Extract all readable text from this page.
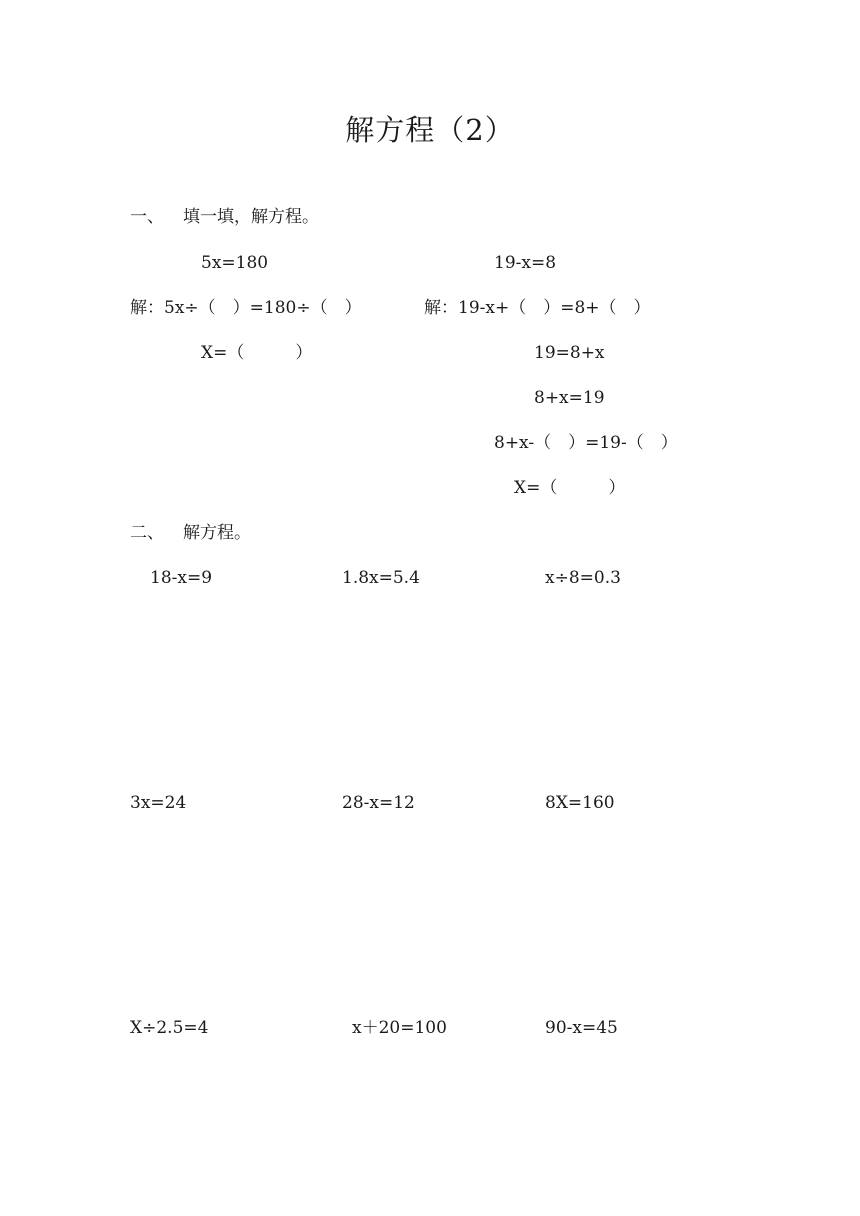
解方程（2）
一、 填一填，解方程。
5x=180	19-x=8
解：5x÷（　）=180÷（　）	解：19-x+（　）=8+（　）
X=（　　　）	19=8+x
8+x=19
8+x-（　）=19-（　）
X=（　　　）
二、 解方程。
18-x=9	1.8x=5.4	x÷8=0.3
3x=24	28-x=12	8X=160
X÷2.5=4	x＋20=100	90-x=45
